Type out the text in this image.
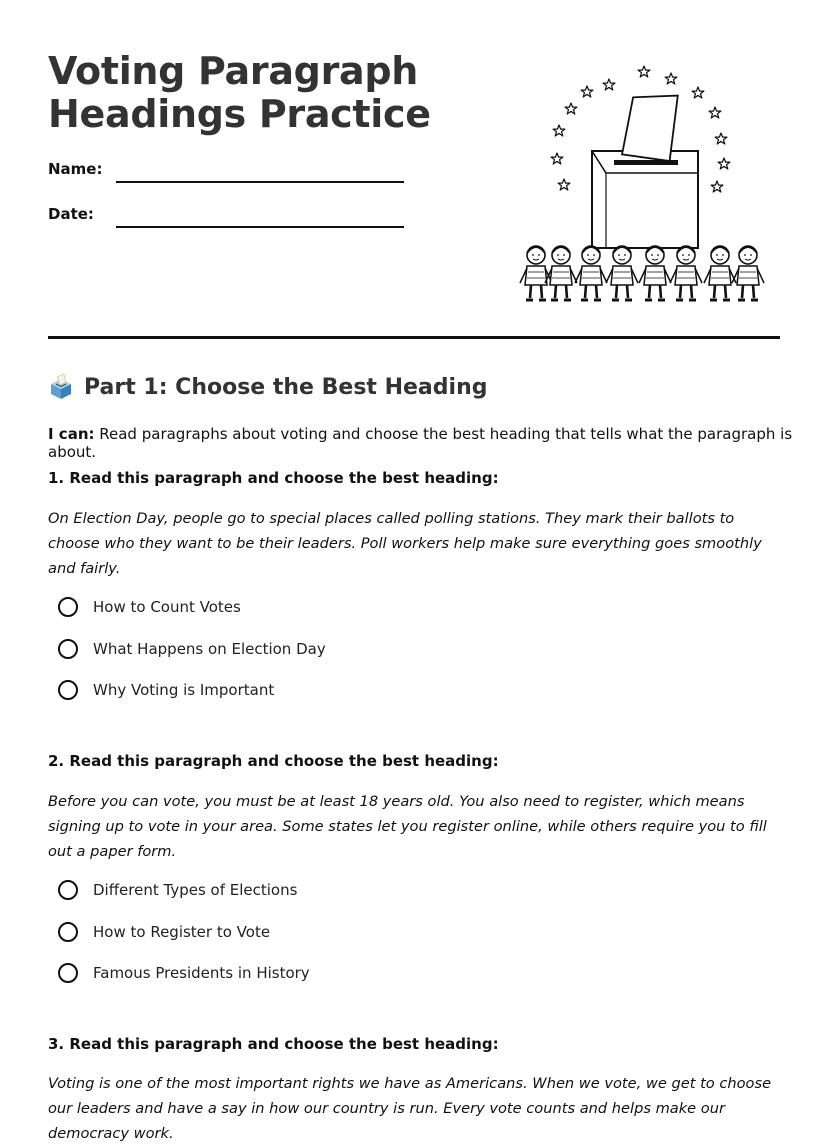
Voting Paragraph
Headings Practice
Name:
Date:
Part 1: Choose the Best Heading
I can: Read paragraphs about voting and choose the best heading that tells what the paragraph is about.
1. Read this paragraph and choose the best heading:

On Election Day, people go to special places called polling stations. They mark their ballots to choose who they want to be their leaders. Poll workers help make sure everything goes smoothly and fairly.

How to Count Votes
What Happens on Election Day
Why Voting is Important
2. Read this paragraph and choose the best heading:

Before you can vote, you must be at least 18 years old. You also need to register, which means signing up to vote in your area. Some states let you register online, while others require you to fill out a paper form.

Different Types of Elections
How to Register to Vote
Famous Presidents in History
3. Read this paragraph and choose the best heading:

Voting is one of the most important rights we have as Americans. When we vote, we get to choose our leaders and have a say in how our country is run. Every vote counts and helps make our democracy work.
